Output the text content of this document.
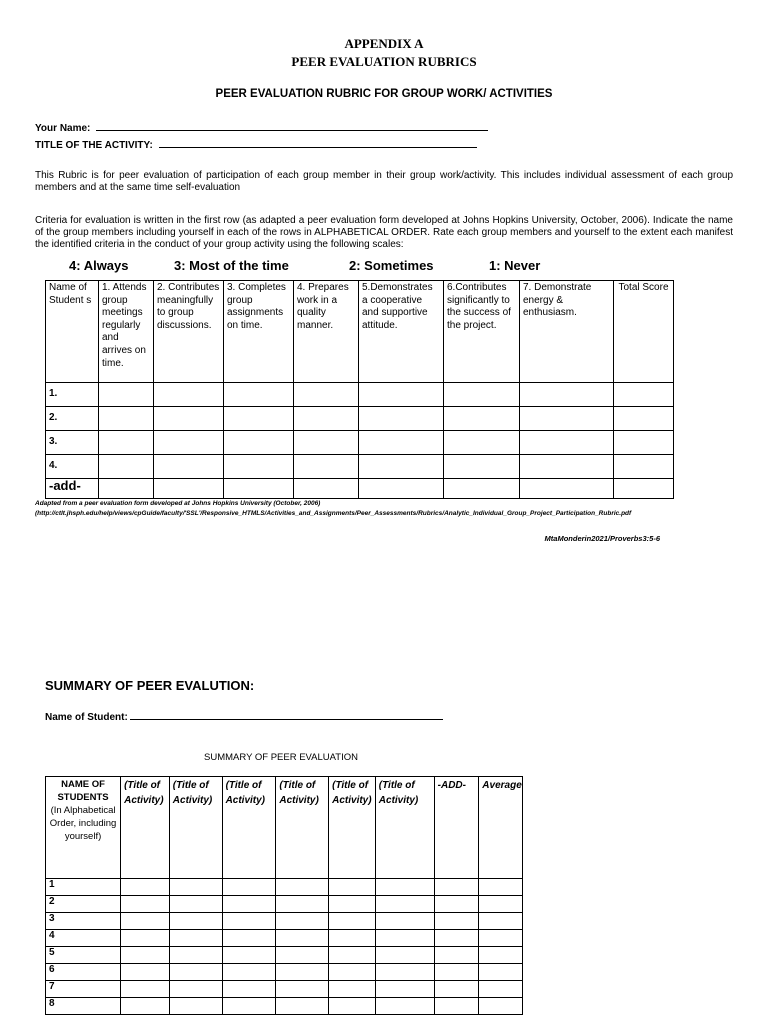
APPENDIX A
PEER EVALUATION RUBRICS
PEER EVALUATION RUBRIC FOR GROUP WORK/ ACTIVITIES
Your Name:
TITLE OF THE ACTIVITY:
This Rubric is for peer evaluation of participation of each group member in their group work/activity. This includes individual assessment of each group members and at the same time self-evaluation
Criteria for evaluation is written in the first row (as adapted a peer evaluation form developed at Johns Hopkins University, October, 2006). Indicate the name of the group members including yourself in each of the rows in ALPHABETICAL ORDER. Rate each group members and yourself to the extent each manifest the identified criteria in the conduct of your group activity using the following scales:
4: Always	3: Most of the time	2: Sometimes	1: Never
Name of Student s	1. Attends group meetings regularly and arrives on time.	2. Contributes meaningfully to group discussions.	3. Completes group assignments on time.	4. Prepares work in a quality manner.	5.Demonstrates a cooperative and supportive attitude.	6.Contributes significantly to the success of the project.	7. Demonstrate energy & enthusiasm.	Total Score
1.								
2.								
3.								
4.								
-add-								
Adapted from a peer evaluation form developed at Johns Hopkins University (October, 2006)
(http://ctlt.jhsph.edu/help/views/cpGuide/faculty/'SSL'/Responsive_HTMLS/Activities_and_Assignments/Peer_Assessments/Rubrics/Analytic_Individual_Group_Project_Participation_Rubric.pdf
MtaMonderin2021/Proverbs3:5-6
SUMMARY OF PEER EVALUTION:
Name of Student:
SUMMARY OF PEER EVALUATION
NAME OF STUDENTS
(In Alphabetical Order, including yourself)	(Title of Activity)	(Title of Activity)	(Title of Activity)	(Title of Activity)	(Title of Activity)	(Title of Activity)	-ADD-	Average
1								
2								
3								
4								
5								
6								
7								
8								
